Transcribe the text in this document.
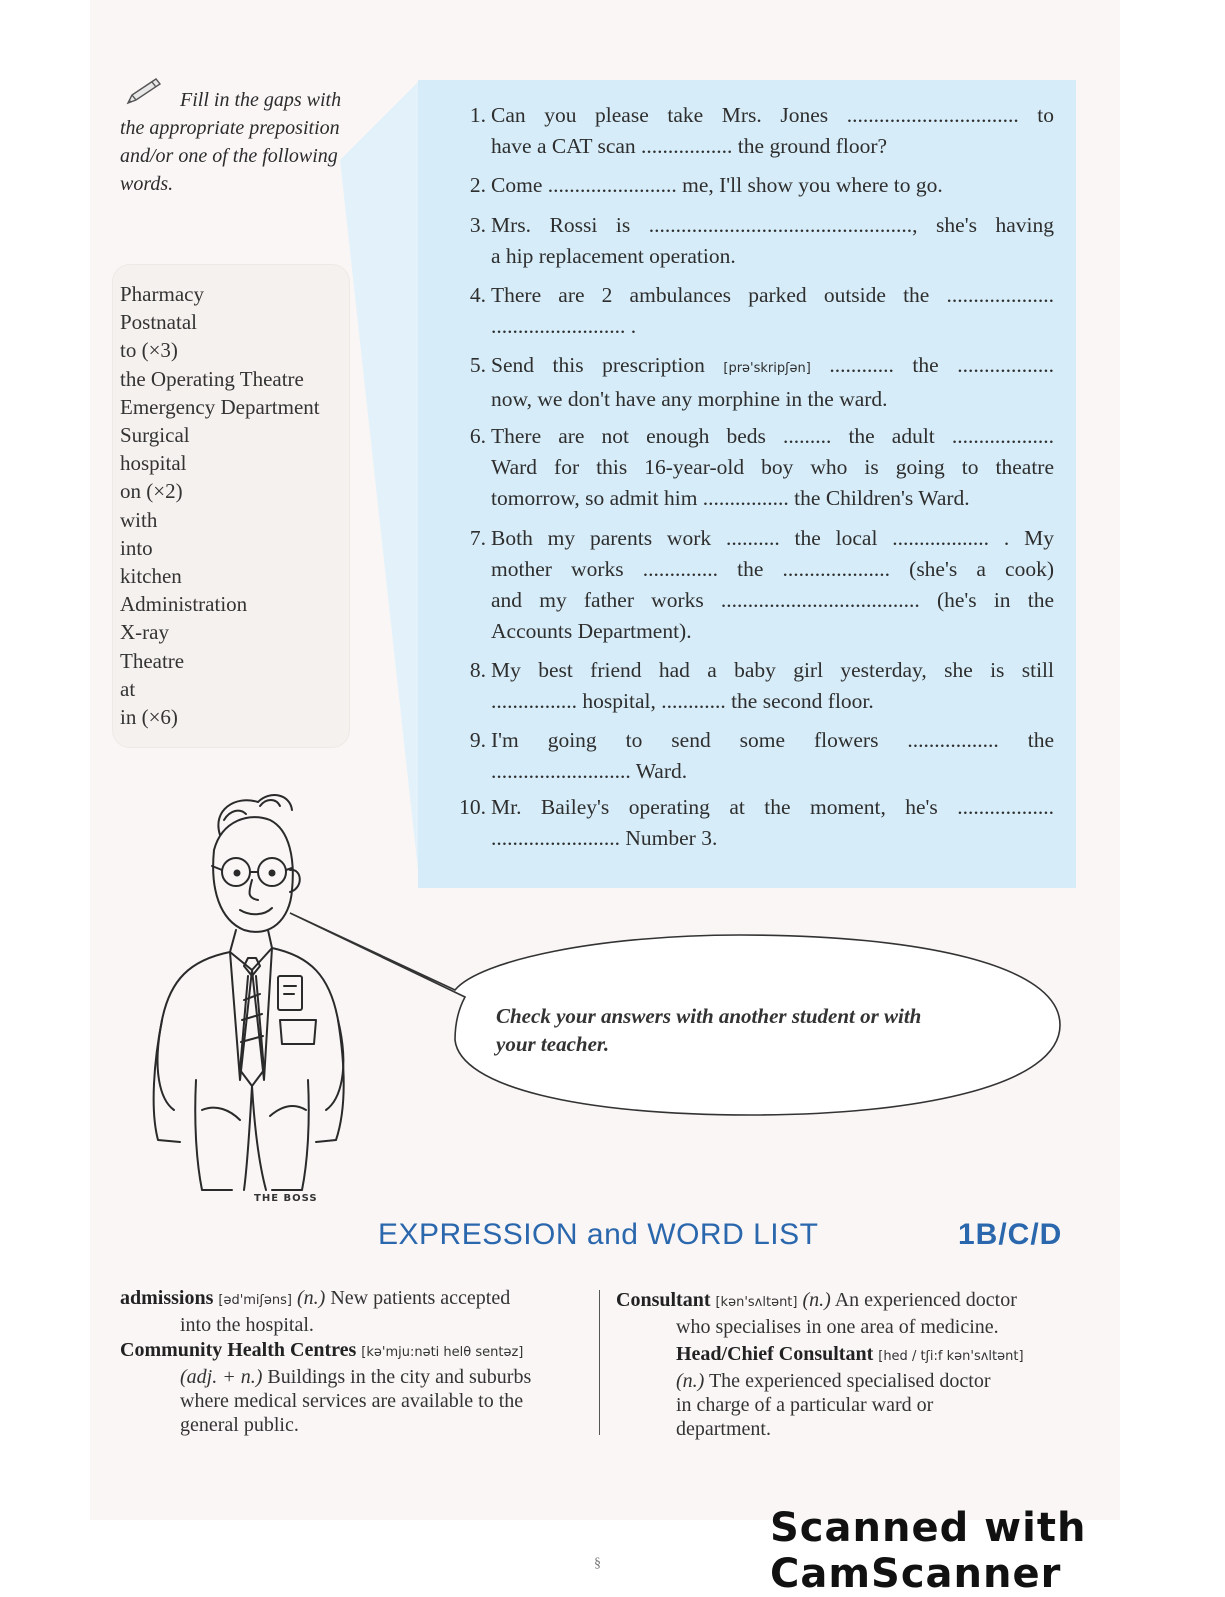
Fill in the gaps with
the appropriate preposition
and/or one of the following
words.
Pharmacy
Postnatal
to (×3)
the Operating Theatre
Emergency Department
Surgical
hospital
on (×2)
with
into
kitchen
Administration
X-ray
Theatre
at
in (×6)
1. Can you please take Mrs. Jones ................................ to
have a CAT scan ................. the ground floor?
2. Come ........................ me, I'll show you where to go.
3. Mrs. Rossi is ................................................., she's having
a hip replacement operation.
4. There are 2 ambulances parked outside the ....................
......................... .
5. Send this prescription [prə'skripʃən] ............ the ..................
now, we don't have any morphine in the ward.
6. There are not enough beds ......... the adult ...................
Ward for this 16-year-old boy who is going to theatre
tomorrow, so admit him ................ the Children's Ward.
7. Both my parents work .......... the local .................. . My
mother works .............. the .................... (she's a cook)
and my father works ..................................... (he's in the
Accounts Department).
8. My best friend had a baby girl yesterday, she is still
................ hospital, ............ the second floor.
9. I'm going to send some flowers ................. the
.......................... Ward.
10. Mr. Bailey's operating at the moment, he's ..................
........................ Number 3.
THE BOSS
Check your answers with another student or with
your teacher.
EXPRESSION and WORD LIST	1B/C/D
admissions [əd'miʃəns] (n.) New patients accepted
into the hospital.
Community Health Centres [kə'mju:nəti helθ sentəz]
(adj. + n.) Buildings in the city and suburbs
where medical services are available to the
general public.
Consultant [kən'sʌltənt] (n.) An experienced doctor
who specialises in one area of medicine.
Head/Chief Consultant [hed / tʃi:f kən'sʌltənt]
(n.) The experienced specialised doctor
in charge of a particular ward or
department.
Scanned with CamScanner
§
